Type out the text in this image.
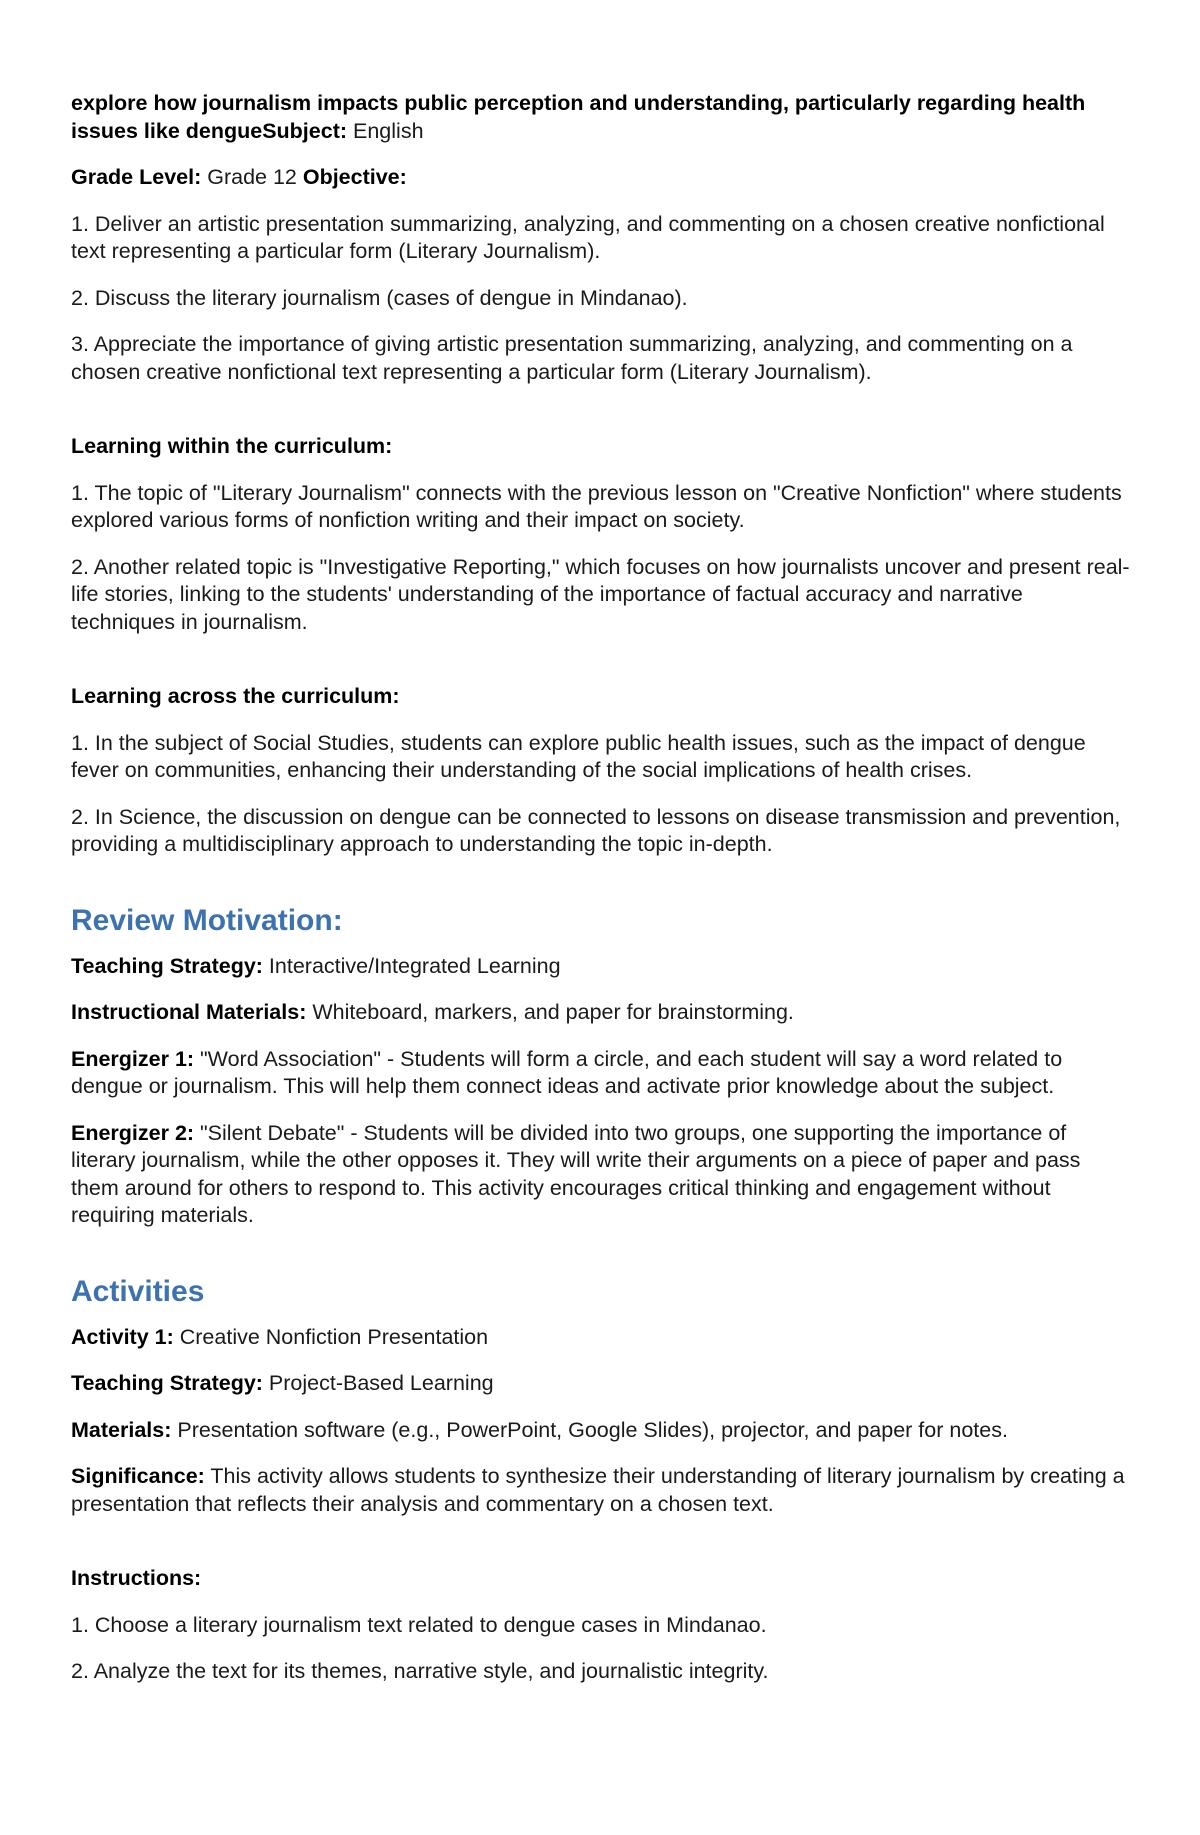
explore how journalism impacts public perception and understanding, particularly regarding health issues like dengueSubject: English

Grade Level: Grade 12 Objective:

1. Deliver an artistic presentation summarizing, analyzing, and commenting on a chosen creative nonfictional text representing a particular form (Literary Journalism).

2. Discuss the literary journalism (cases of dengue in Mindanao).

3. Appreciate the importance of giving artistic presentation summarizing, analyzing, and commenting on a chosen creative nonfictional text representing a particular form (Literary Journalism).

Learning within the curriculum:

1. The topic of "Literary Journalism" connects with the previous lesson on "Creative Nonfiction" where students explored various forms of nonfiction writing and their impact on society.

2. Another related topic is "Investigative Reporting," which focuses on how journalists uncover and present real-life stories, linking to the students' understanding of the importance of factual accuracy and narrative techniques in journalism.

Learning across the curriculum:

1. In the subject of Social Studies, students can explore public health issues, such as the impact of dengue fever on communities, enhancing their understanding of the social implications of health crises.

2. In Science, the discussion on dengue can be connected to lessons on disease transmission and prevention, providing a multidisciplinary approach to understanding the topic in-depth.

Review Motivation:

Teaching Strategy: Interactive/Integrated Learning

Instructional Materials: Whiteboard, markers, and paper for brainstorming.

Energizer 1: "Word Association" - Students will form a circle, and each student will say a word related to dengue or journalism. This will help them connect ideas and activate prior knowledge about the subject.

Energizer 2: "Silent Debate" - Students will be divided into two groups, one supporting the importance of literary journalism, while the other opposes it. They will write their arguments on a piece of paper and pass them around for others to respond to. This activity encourages critical thinking and engagement without requiring materials.

Activities

Activity 1: Creative Nonfiction Presentation

Teaching Strategy: Project-Based Learning

Materials: Presentation software (e.g., PowerPoint, Google Slides), projector, and paper for notes.

Significance: This activity allows students to synthesize their understanding of literary journalism by creating a presentation that reflects their analysis and commentary on a chosen text.

Instructions:

1. Choose a literary journalism text related to dengue cases in Mindanao.

2. Analyze the text for its themes, narrative style, and journalistic integrity.
